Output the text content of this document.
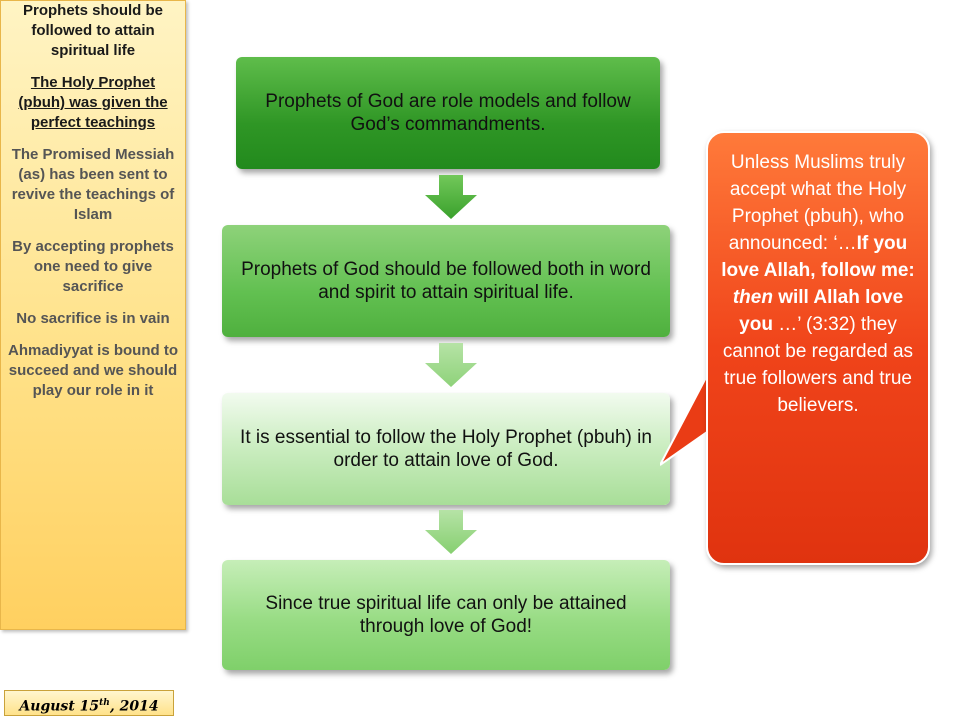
Prophets should be followed to attain spiritual life
The Holy Prophet (pbuh) was given the perfect teachings
The Promised Messiah (as) has been sent to revive the teachings of Islam
By accepting prophets one need to give sacrifice
No sacrifice is in vain
Ahmadiyyat is bound to succeed and we should play our role in it
August 15th, 2014
Prophets of God are role models and follow God’s commandments.
Prophets of God should be followed both in word and spirit to attain spiritual life.
It is essential to follow the Holy Prophet (pbuh) in order to attain love of God.
Since true spiritual life can only be attained through love of God!
Unless Muslims truly accept what the Holy Prophet (pbuh), who announced: ‘…If you love Allah, follow me: then will Allah love you …’ (3:32) they cannot be regarded as true followers and true believers.
